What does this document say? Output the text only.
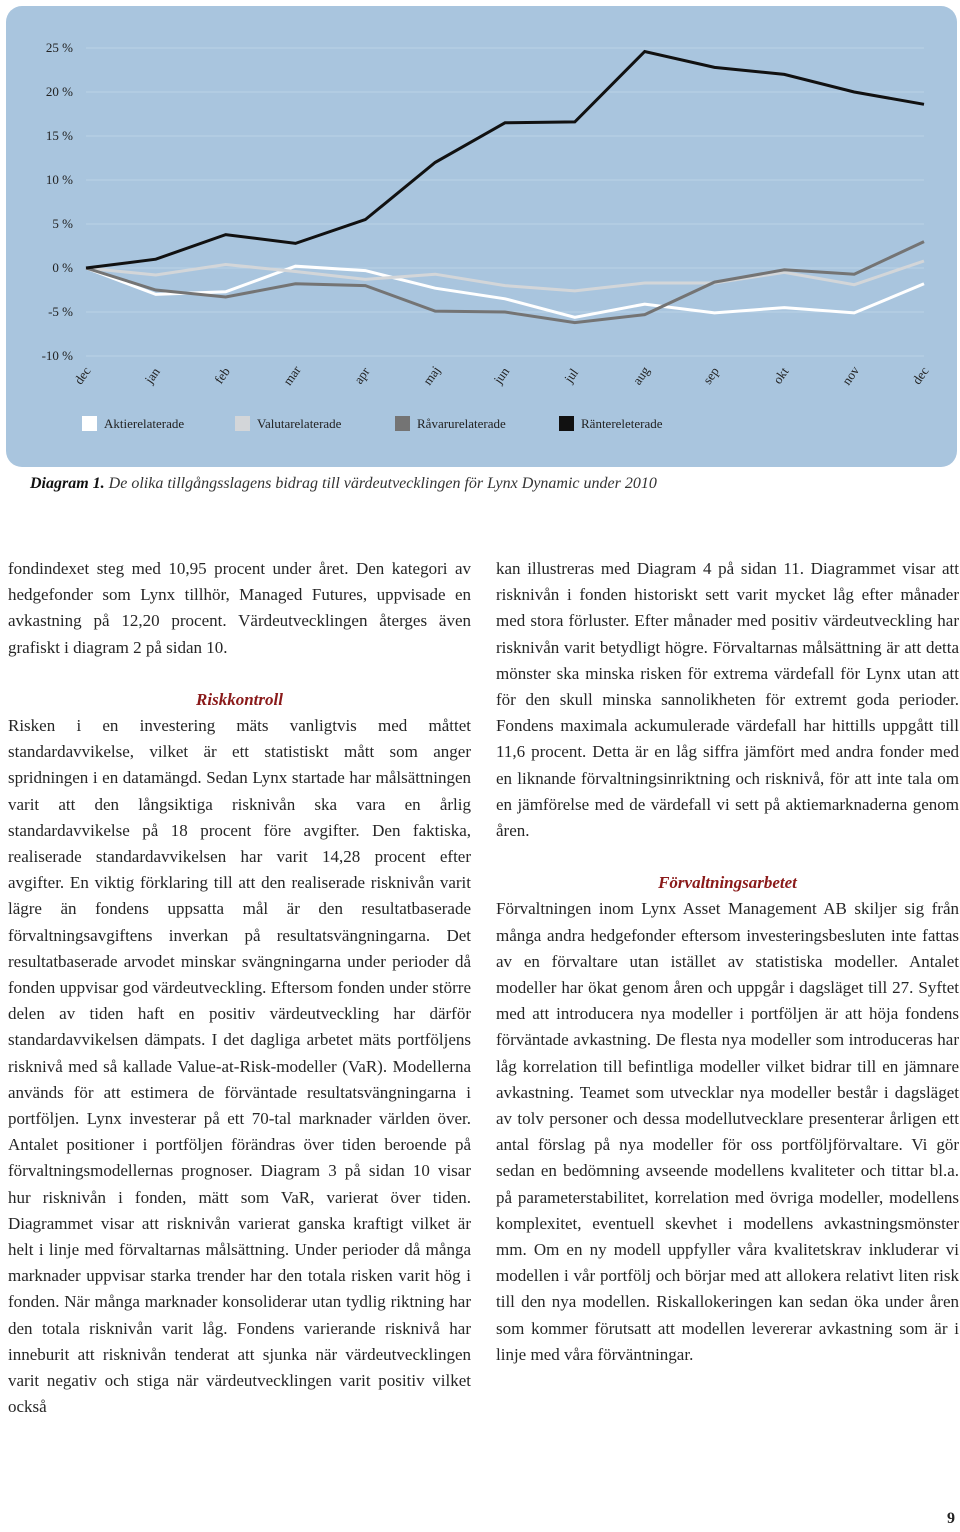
25 %
20 %
15 %
10 %
5 %
0 %
-5 %
-10 %
dec	jan	feb	mar	apr	maj	jun	jul	aug	sep	okt	nov	dec
Aktierelaterade	Valutarelaterade	Råvarurelaterade	Räntereleterade
Diagram 1. De olika tillgångsslagens bidrag till värdeutvecklingen för Lynx Dynamic under 2010

fondindexet steg med 10,95 procent under året. Den kategori av hedgefonder som Lynx tillhör, Managed Futures, uppvisade en avkastning på 12,20 procent. Värdeutvecklingen återges även grafiskt i diagram 2 på sidan 10.

Riskkontroll

Risken i en investering mäts vanligtvis med måttet standardavvikelse, vilket är ett statistiskt mått som anger spridningen i en datamängd. Sedan Lynx startade har målsättningen varit att den långsiktiga risknivån ska vara en årlig standardavvikelse på 18 procent före avgifter. Den faktiska, realiserade standardavvikelsen har varit 14,28 procent efter avgifter. En viktig förklaring till att den realiserade risknivån varit lägre än fondens uppsatta mål är den resultatbaserade förvaltningsavgiftens inverkan på resultatsvängningarna. Det resultatbaserade arvodet minskar svängningarna under perioder då fonden uppvisar god värdeutveckling. Eftersom fonden under större delen av tiden haft en positiv värdeutveckling har därför standardavvikelsen dämpats. I det dagliga arbetet mäts portföljens risknivå med så kallade Value-at-Risk-modeller (VaR). Modellerna används för att estimera de förväntade resultatsvängningarna i portföljen. Lynx investerar på ett 70-tal marknader världen över. Antalet positioner i portföljen förändras över tiden beroende på förvaltningsmodellernas prognoser. Diagram 3 på sidan 10 visar hur risknivån i fonden, mätt som VaR, varierat över tiden. Diagrammet visar att risknivån varierat ganska kraftigt vilket är helt i linje med förvaltarnas målsättning. Under perioder då många marknader uppvisar starka trender har den totala risken varit hög i fonden. När många marknader konsoliderar utan tydlig riktning har den totala risknivån varit låg. Fondens varierande risknivå har inneburit att risknivån tenderat att sjunka när värdeutvecklingen varit negativ och stiga när värdeutvecklingen varit positiv vilket också

kan illustreras med Diagram 4 på sidan 11. Diagrammet visar att risknivån i fonden historiskt sett varit mycket låg efter månader med stora förluster. Efter månader med positiv värdeutveckling har risknivån varit betydligt högre. Förvaltarnas målsättning är att detta mönster ska minska risken för extrema värdefall för Lynx utan att för den skull minska sannolikheten för extremt goda perioder. Fondens maximala ackumulerade värdefall har hittills uppgått till 11,6 procent. Detta är en låg siffra jämfört med andra fonder med en liknande förvaltningsinriktning och risknivå, för att inte tala om en jämförelse med de värdefall vi sett på aktiemarknaderna genom åren.

Förvaltningsarbetet

Förvaltningen inom Lynx Asset Management AB skiljer sig från många andra hedgefonder eftersom investeringsbesluten inte fattas av en förvaltare utan istället av statistiska modeller. Antalet modeller har ökat genom åren och uppgår i dagsläget till 27. Syftet med att introducera nya modeller i portföljen är att höja fondens förväntade avkastning. De flesta nya modeller som introduceras har låg korrelation till befintliga modeller vilket bidrar till en jämnare avkastning. Teamet som utvecklar nya modeller består i dagsläget av tolv personer och dessa modellutvecklare presenterar årligen ett antal förslag på nya modeller för oss portföljförvaltare. Vi gör sedan en bedömning avseende modellens kvaliteter och tittar bl.a. på parameterstabilitet, korrelation med övriga modeller, modellens komplexitet, eventuell skevhet i modellens avkastningsmönster mm. Om en ny modell uppfyller våra kvalitetskrav inkluderar vi modellen i vår portfölj och börjar med att allokera relativt liten risk till den nya modellen. Riskallokeringen kan sedan öka under åren som kommer förutsatt att modellen levererar avkastning som är i linje med våra förväntningar.

9
